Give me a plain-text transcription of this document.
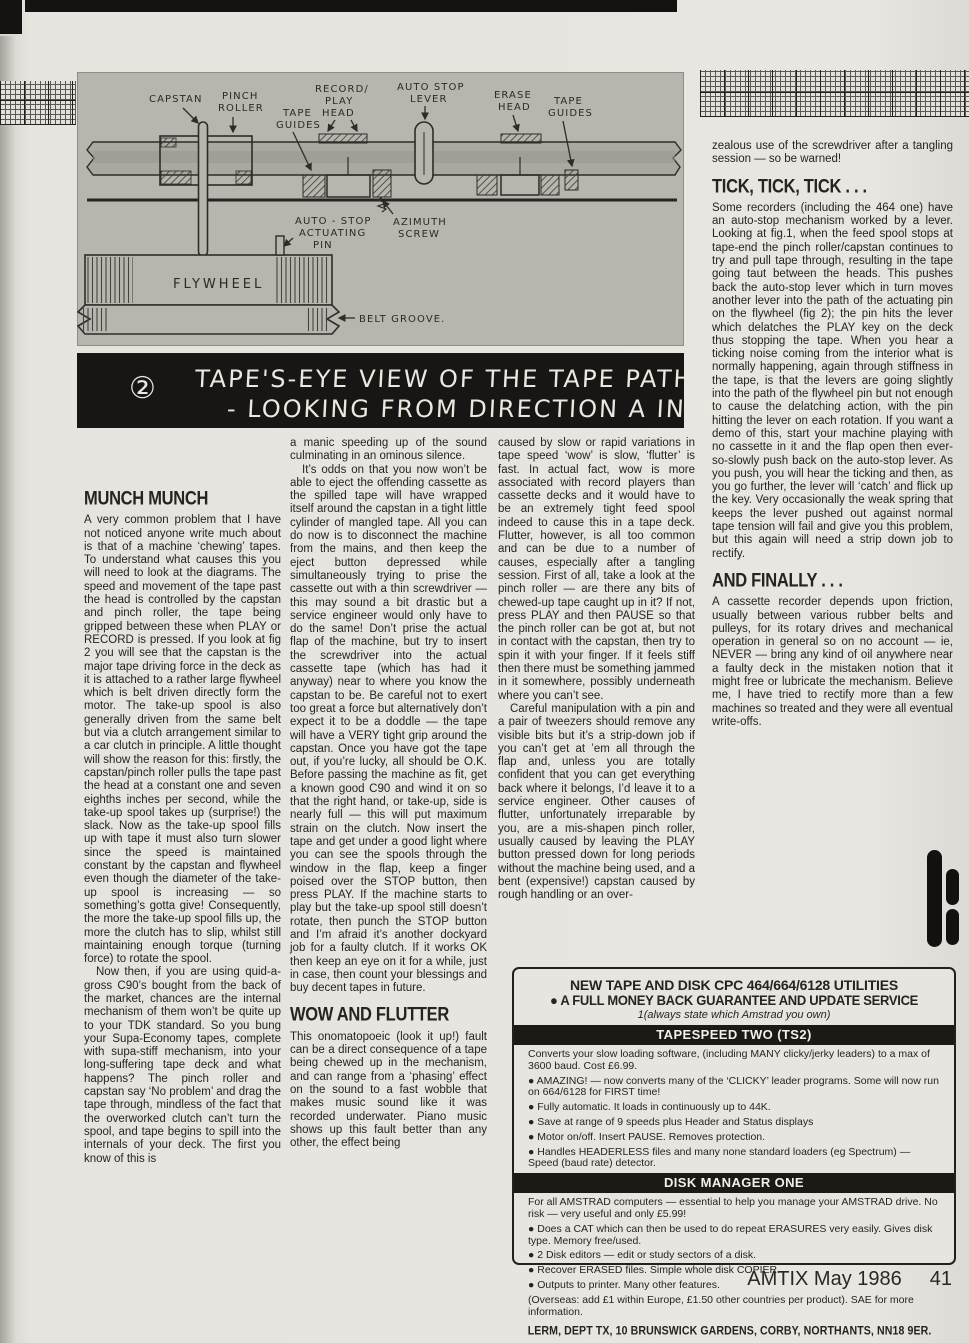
CAPSTAN PINCH
ROLLER TAPE
GUIDES
RECORD/
PLAY
HEAD
AUTO STOP
LEVER	ERASE
HEAD
TAPE
GUIDES
AUTO - STOP
ACTUATING
PIN
AZIMUTH
SCREW
FLYWHEEL
BELT GROOVE.
② TAPE'S-EYE VIEW OF THE TAPE PATH -
- LOOKING FROM DIRECTION A IN ①
MUNCH MUNCH

A very common problem that I have not noticed anyone write much about is that of a machine ‘chewing’ tapes. To understand what causes this you will need to look at the diagrams. The speed and movement of the tape past the head is controlled by the capstan and pinch roller, the tape being gripped between these when PLAY or RECORD is pressed. If you look at fig 2 you will see that the capstan is the major tape driving force in the deck as it is attached to a rather large flywheel which is belt driven directly form the motor. The take-up spool is also generally driven from the same belt but via a clutch arrangement similar to a car clutch in principle. A little thought will show the reason for this: firstly, the capstan/pinch roller pulls the tape past the head at a constant one and seven eighths inches per second, while the take-up spool takes up (surprise!) the slack. Now as the take-up spool fills up with tape it must also turn slower since the speed is maintained constant by the capstan and flywheel even though the diameter of the take-up spool is increasing — so something’s gotta give! Consequently, the more the take-up spool fills up, the more the clutch has to slip, whilst still maintaining enough torque (turning force) to rotate the spool.

Now then, if you are using quid-a-gross C90’s bought from the back of the market, chances are the internal mechanism of them won’t be quite up to your TDK standard. So you bung your Supa-Economy tapes, complete with supa-stiff mechanism, into your long-suffering tape deck and what happens? The pinch roller and capstan say ‘No problem’ and drag the tape through, mindless of the fact that the overworked clutch can’t turn the spool, and tape begins to spill into the internals of your deck. The first you know of this is

a manic speeding up of the sound culminating in an ominous silence.

It’s odds on that you now won’t be able to eject the offending cassette as the spilled tape will have wrapped itself around the capstan in a tight little cylinder of mangled tape. All you can do now is to disconnect the machine from the mains, and then keep the eject button depressed while simultaneously trying to prise the cassette out with a thin screwdriver — this may sound a bit drastic but a service engineer would only have to do the same! Don’t prise the actual flap of the machine, but try to insert the screwdriver into the actual cassette tape (which has had it anyway) near to where you know the capstan to be. Be careful not to exert too great a force but alternatively don’t expect it to be a doddle — the tape will have a VERY tight grip around the capstan. Once you have got the tape out, if you’re lucky, all should be O.K. Before passing the machine as fit, get a known good C90 and wind it on so that the right hand, or take-up, side is nearly full — this will put maximum strain on the clutch. Now insert the tape and get under a good light where you can see the spools through the window in the flap, keep a finger poised over the STOP button, then press PLAY. If the machine starts to play but the take-up spool still doesn’t rotate, then punch the STOP button and I’m afraid it’s another dockyard job for a faulty clutch. If it works OK then keep an eye on it for a while, just in case, then count your blessings and buy decent tapes in future.

WOW AND FLUTTER

This onomatopoeic (look it up!) fault can be a direct consequence of a tape being chewed up in the mechanism, and can range from a ‘phasing’ effect on the sound to a fast wobble that makes music sound like it was recorded underwater. Piano music shows up this fault better than any other, the effect being

caused by slow or rapid variations in tape speed ‘wow’ is slow, ‘flutter’ is fast. In actual fact, wow is more associated with record players than cassette decks and it would have to be an extremely tight feed spool indeed to cause this in a tape deck. Flutter, however, is all too common and can be due to a number of causes, especially after a tangling session. First of all, take a look at the pinch roller — are there any bits of chewed-up tape caught up in it? If not, press PLAY and then PAUSE so that the pinch roller can be got at, but not in contact with the capstan, then try to spin it with your finger. If it feels stiff then there must be something jammed in it somewhere, possibly underneath where you can’t see.

Careful manipulation with a pin and a pair of tweezers should remove any visible bits but it’s a strip-down job if you can’t get at ’em all through the flap and, unless you are totally confident that you can get everything back where it belongs, I’d leave it to a service engineer. Other causes of flutter, unfortunately irreparable by you, are a mis-shapen pinch roller, usually caused by leaving the PLAY button pressed down for long periods without the machine being used, and a bent (expensive!) capstan caused by rough handling or an over-

zealous use of the screwdriver after a tangling session — so be warned!

TICK, TICK, TICK . . .

Some recorders (including the 464 one) have an auto-stop mechanism worked by a lever. Looking at fig.1, when the feed spool stops at tape-end the pinch roller/capstan continues to try and pull tape through, resulting in the tape going taut between the heads. This pushes back the auto-stop lever which in turn moves another lever into the path of the actuating pin on the flywheel (fig 2); the pin hits the lever which delatches the PLAY key on the deck thus stopping the tape. When you hear a ticking noise coming from the interior what is normally happening, again through stiffness in the tape, is that the levers are going slightly into the path of the flywheel pin but not enough to cause the delatching action, with the pin hitting the lever on each rotation. If you want a demo of this, start your machine playing with no cassette in it and the flap open then ever-so-slowly push back on the auto-stop lever. As you push, you will hear the ticking and then, as you go further, the lever will ‘catch’ and flick up the key. Very occasionally the weak spring that keeps the lever pushed out against normal tape tension will fail and give you this problem, but this again will need a strip down job to rectify.

AND FINALLY . . .

A cassette recorder depends upon friction, usually between various rubber belts and pulleys, for its rotary drives and mechanical operation in general so on no account — ie, NEVER — bring any kind of oil anywhere near a faulty deck in the mistaken notion that it might free or lubricate the mechanism. Believe me, I have tried to rectify more than a few machines so treated and they were all eventual write-offs.

NEW TAPE AND DISK CPC 464/664/6128 UTILITIES
● A FULL MONEY BACK GUARANTEE AND UPDATE SERVICE
1(always state which Amstrad you own)
TAPESPEED TWO (TS2)

Converts your slow loading software, (including MANY clicky/jerky leaders) to a max of 3600 baud. Cost £6.99.

● AMAZING! — now converts many of the ‘CLICKY’ leader programs. Some will now run on 664/6128 for FIRST time!

● Fully automatic. It loads in continuously up to 44K.

● Save at range of 9 speeds plus Header and Status displays

● Motor on/off. Insert PAUSE. Removes protection.

● Handles HEADERLESS files and many none standard loaders (eg Spectrum) — Speed (baud rate) detector.

DISK MANAGER ONE

For all AMSTRAD computers — essential to help you manage your AMSTRAD drive. No risk — very useful and only £5.99!

● Does a CAT which can then be used to do repeat ERASURES very easily. Gives disk type. Memory free/used.

● 2 Disk editors — edit or study sectors of a disk.

● Recover ERASED files. Simple whole disk COPIER.

● Outputs to printer. Many other features.

(Overseas: add £1 within Europe, £1.50 other countries per product). SAE for more information.

LERM, DEPT TX, 10 BRUNSWICK GARDENS, CORBY, NORTHANTS, NN18 9ER.
AMTIX May 1986 41
